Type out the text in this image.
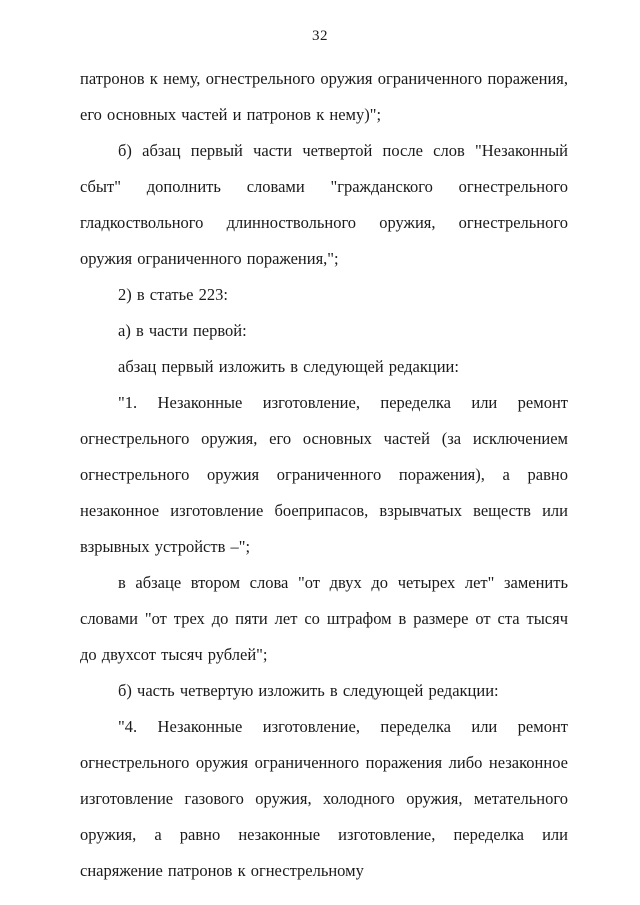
32

патронов к нему, огнестрельного оружия ограниченного поражения, его основных частей и патронов к нему)";

б) абзац первый части четвертой после слов "Незаконный сбыт" дополнить словами "гражданского огнестрельного гладкоствольного длинноствольного оружия, огнестрельного оружия ограниченного поражения,";

2) в статье 223:

а) в части первой:

абзац первый изложить в следующей редакции:

"1. Незаконные изготовление, переделка или ремонт огнестрельного оружия, его основных частей (за исключением огнестрельного оружия ограниченного поражения), а равно незаконное изготовление боеприпасов, взрывчатых веществ или взрывных устройств –";

в абзаце втором слова "от двух до четырех лет" заменить словами "от трех до пяти лет со штрафом в размере от ста тысяч до двухсот тысяч рублей";

б) часть четвертую изложить в следующей редакции:

"4. Незаконные изготовление, переделка или ремонт огнестрельного оружия ограниченного поражения либо незаконное изготовление газового оружия, холодного оружия, метательного оружия, а равно незаконные изготовление, переделка или снаряжение патронов к огнестрельному
